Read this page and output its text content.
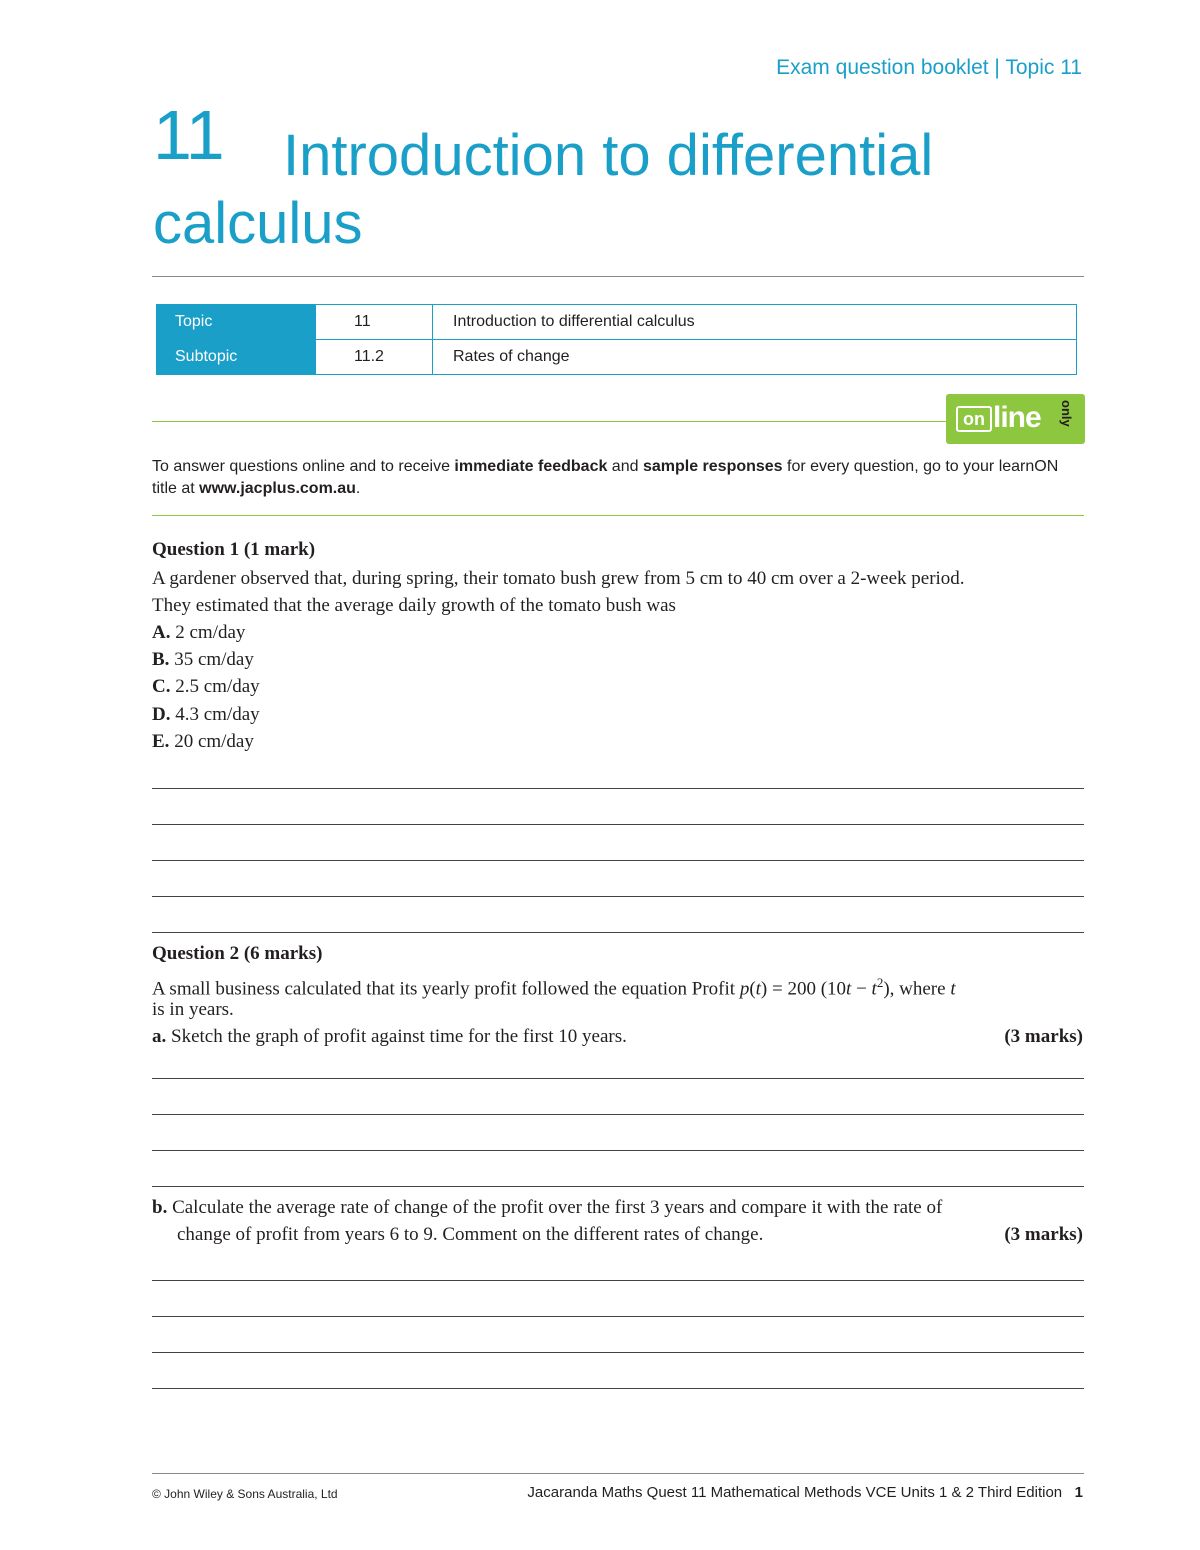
Exam question booklet | Topic 11
11	Introduction to differential
calculus
Topic	11	Introduction to differential calculus
Subtopic	11.2	Rates of change
on line only
To answer questions online and to receive immediate feedback and sample responses for every question, go to your learnON title at www.jacplus.com.au.
Question 1 (1 mark)
A gardener observed that, during spring, their tomato bush grew from 5 cm to 40 cm over a 2-week period.
They estimated that the average daily growth of the tomato bush was
A. 2 cm/day
B. 35 cm/day
C. 2.5 cm/day
D. 4.3 cm/day
E. 20 cm/day
Question 2 (6 marks)
A small business calculated that its yearly profit followed the equation Profit p(t) = 200 $(10t - t^2)$, where t
is in years.
a. Sketch the graph of profit against time for the first 10 years.	(3 marks)
b. Calculate the average rate of change of the profit over the first 3 years and compare it with the rate of
change of profit from years 6 to 9. Comment on the different rates of change.	(3 marks)
© John Wiley & Sons Australia, Ltd	Jacaranda Maths Quest 11 Mathematical Methods VCE Units 1 & 2 Third Edition 1
